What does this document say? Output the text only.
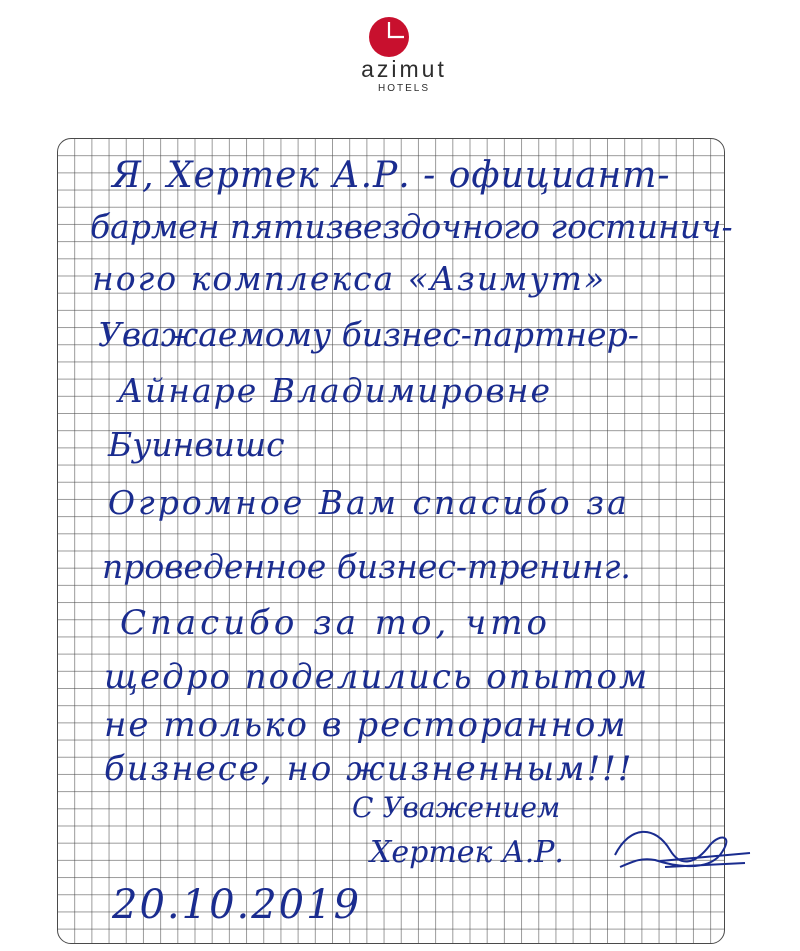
azimut
HOTELS
Я, Хертек А.Р. - официант-
бармен пятизвездочного гостинич-
ного комплекса «Азимут»
Уважаемому бизнес-партнер-
Айнаре Владимировне
Буинвишс
Огромное Вам спасибо за
проведенное бизнес-тренинг.
Спасибо за то, что
щедро поделились опытом
не только в ресторанном
бизнесе, но жизненным!!!
С Уважением
Хертек А.Р.
20.10.2019
